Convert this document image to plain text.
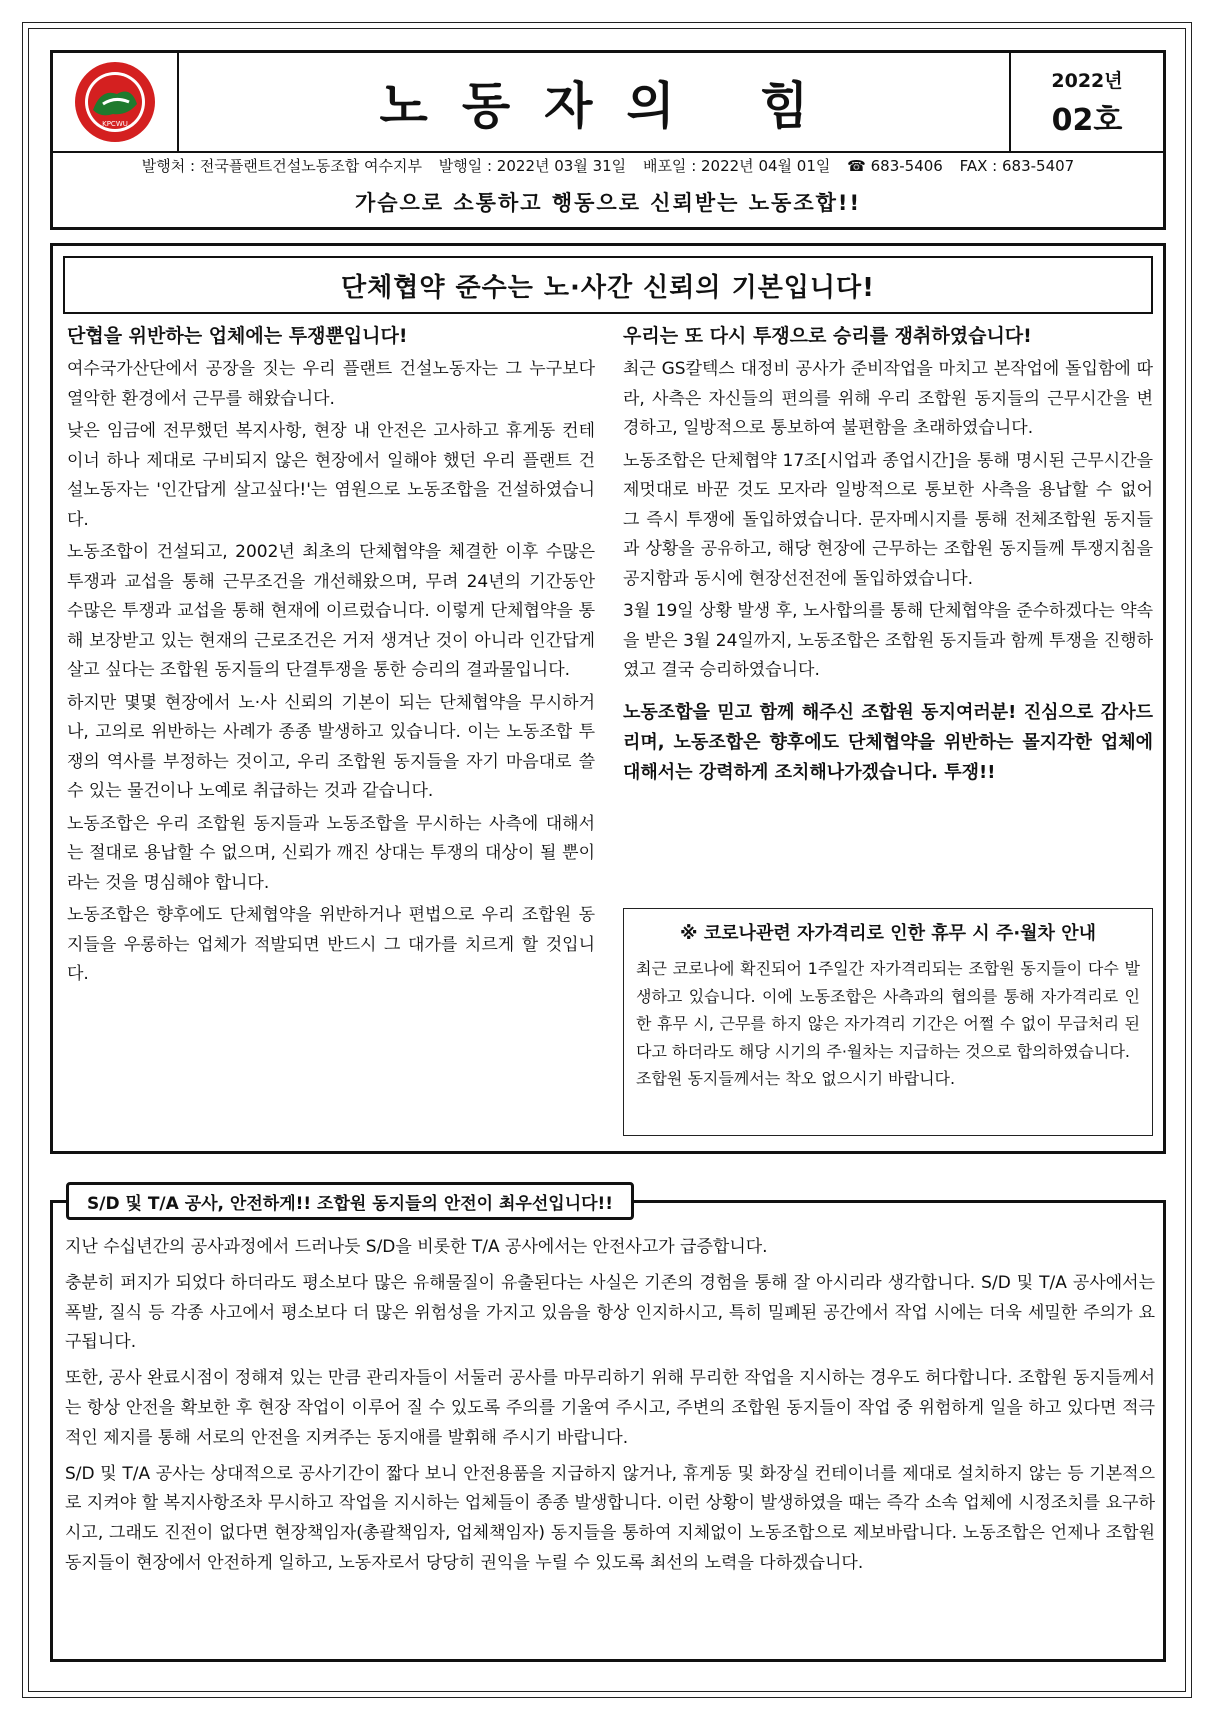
KPCWU	노동자의 힘	2022년
02호
발행처 : 전국플랜트건설노동조합 여수지부 발행일 : 2022년 03월 31일 배포일 : 2022년 04월 01일 ☎ 683-5406 FAX : 683-5407
가슴으로 소통하고 행동으로 신뢰받는 노동조합!!
단체협약 준수는 노·사간 신뢰의 기본입니다!
단협을 위반하는 업체에는 투쟁뿐입니다!

여수국가산단에서 공장을 짓는 우리 플랜트 건설노동자는 그 누구보다 열악한 환경에서 근무를 해왔습니다.

낮은 임금에 전무했던 복지사항, 현장 내 안전은 고사하고 휴게동 컨테이너 하나 제대로 구비되지 않은 현장에서 일해야 했던 우리 플랜트 건설노동자는 '인간답게 살고싶다!'는 염원으로 노동조합을 건설하였습니다.

노동조합이 건설되고, 2002년 최초의 단체협약을 체결한 이후 수많은 투쟁과 교섭을 통해 근무조건을 개선해왔으며, 무려 24년의 기간동안 수많은 투쟁과 교섭을 통해 현재에 이르렀습니다. 이렇게 단체협약을 통해 보장받고 있는 현재의 근로조건은 거저 생겨난 것이 아니라 인간답게 살고 싶다는 조합원 동지들의 단결투쟁을 통한 승리의 결과물입니다.

하지만 몇몇 현장에서 노·사 신뢰의 기본이 되는 단체협약을 무시하거나, 고의로 위반하는 사례가 종종 발생하고 있습니다. 이는 노동조합 투쟁의 역사를 부정하는 것이고, 우리 조합원 동지들을 자기 마음대로 쓸 수 있는 물건이나 노예로 취급하는 것과 같습니다.

노동조합은 우리 조합원 동지들과 노동조합을 무시하는 사측에 대해서는 절대로 용납할 수 없으며, 신뢰가 깨진 상대는 투쟁의 대상이 될 뿐이라는 것을 명심해야 합니다.

노동조합은 향후에도 단체협약을 위반하거나 편법으로 우리 조합원 동지들을 우롱하는 업체가 적발되면 반드시 그 대가를 치르게 할 것입니다.

우리는 또 다시 투쟁으로 승리를 쟁취하였습니다!

최근 GS칼텍스 대정비 공사가 준비작업을 마치고 본작업에 돌입함에 따라, 사측은 자신들의 편의를 위해 우리 조합원 동지들의 근무시간을 변경하고, 일방적으로 통보하여 불편함을 초래하였습니다.

노동조합은 단체협약 17조[시업과 종업시간]을 통해 명시된 근무시간을 제멋대로 바꾼 것도 모자라 일방적으로 통보한 사측을 용납할 수 없어 그 즉시 투쟁에 돌입하였습니다. 문자메시지를 통해 전체조합원 동지들과 상황을 공유하고, 해당 현장에 근무하는 조합원 동지들께 투쟁지침을 공지함과 동시에 현장선전전에 돌입하였습니다.

3월 19일 상황 발생 후, 노사합의를 통해 단체협약을 준수하겠다는 약속을 받은 3월 24일까지, 노동조합은 조합원 동지들과 함께 투쟁을 진행하였고 결국 승리하였습니다.

노동조합을 믿고 함께 해주신 조합원 동지여러분! 진심으로 감사드리며, 노동조합은 향후에도 단체협약을 위반하는 몰지각한 업체에 대해서는 강력하게 조치해나가겠습니다. 투쟁!!

※ 코로나관련 자가격리로 인한 휴무 시 주·월차 안내

최근 코로나에 확진되어 1주일간 자가격리되는 조합원 동지들이 다수 발생하고 있습니다. 이에 노동조합은 사측과의 협의를 통해 자가격리로 인한 휴무 시, 근무를 하지 않은 자가격리 기간은 어쩔 수 없이 무급처리 된다고 하더라도 해당 시기의 주·월차는 지급하는 것으로 합의하였습니다.

조합원 동지들께서는 착오 없으시기 바랍니다.

지난 수십년간의 공사과정에서 드러나듯 S/D을 비롯한 T/A 공사에서는 안전사고가 급증합니다.

충분히 퍼지가 되었다 하더라도 평소보다 많은 유해물질이 유출된다는 사실은 기존의 경험을 통해 잘 아시리라 생각합니다. S/D 및 T/A 공사에서는 폭발, 질식 등 각종 사고에서 평소보다 더 많은 위험성을 가지고 있음을 항상 인지하시고, 특히 밀폐된 공간에서 작업 시에는 더욱 세밀한 주의가 요구됩니다.

또한, 공사 완료시점이 정해져 있는 만큼 관리자들이 서둘러 공사를 마무리하기 위해 무리한 작업을 지시하는 경우도 허다합니다. 조합원 동지들께서는 항상 안전을 확보한 후 현장 작업이 이루어 질 수 있도록 주의를 기울여 주시고, 주변의 조합원 동지들이 작업 중 위험하게 일을 하고 있다면 적극적인 제지를 통해 서로의 안전을 지켜주는 동지애를 발휘해 주시기 바랍니다.

S/D 및 T/A 공사는 상대적으로 공사기간이 짧다 보니 안전용품을 지급하지 않거나, 휴게동 및 화장실 컨테이너를 제대로 설치하지 않는 등 기본적으로 지켜야 할 복지사항조차 무시하고 작업을 지시하는 업체들이 종종 발생합니다. 이런 상황이 발생하였을 때는 즉각 소속 업체에 시정조치를 요구하시고, 그래도 진전이 없다면 현장책임자(총괄책임자, 업체책임자) 동지들을 통하여 지체없이 노동조합으로 제보바랍니다. 노동조합은 언제나 조합원 동지들이 현장에서 안전하게 일하고, 노동자로서 당당히 권익을 누릴 수 있도록 최선의 노력을 다하겠습니다.

S/D 및 T/A 공사, 안전하게!! 조합원 동지들의 안전이 최우선입니다!!
